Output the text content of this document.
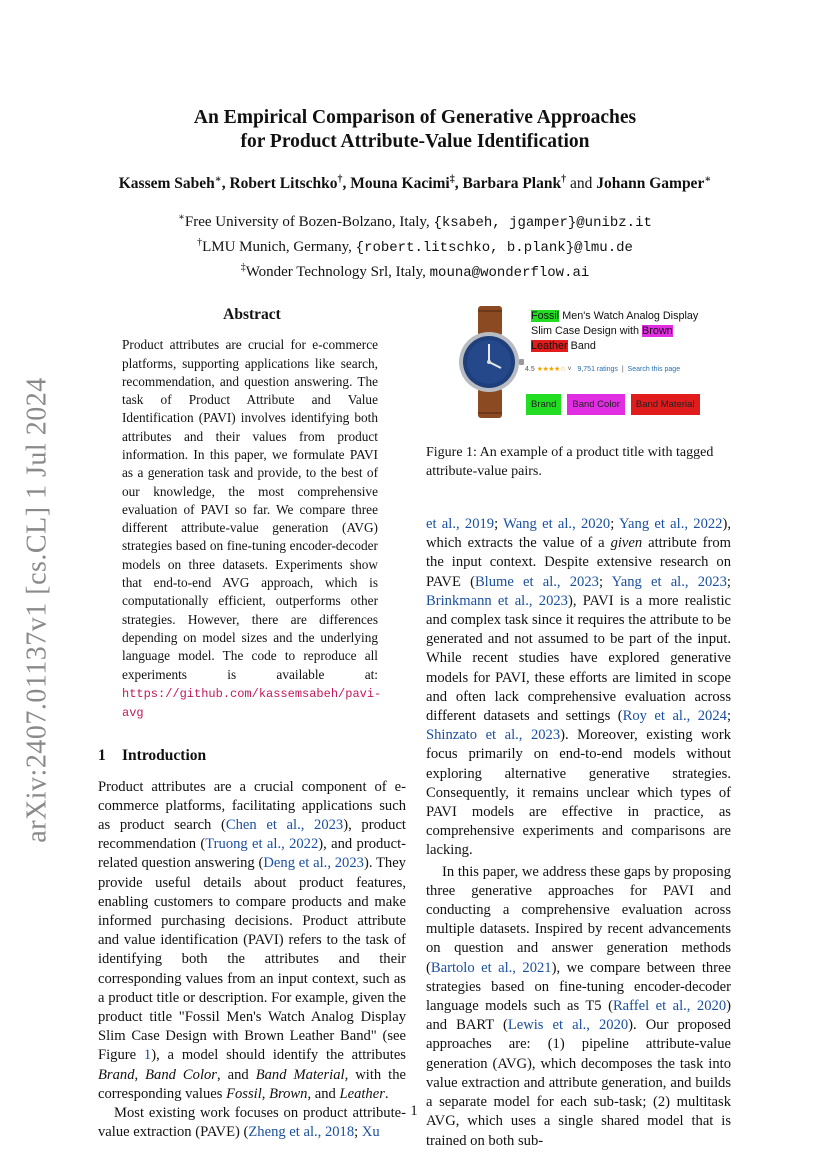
arXiv:2407.01137v1 [cs.CL] 1 Jul 2024
An Empirical Comparison of Generative Approaches
for Product Attribute-Value Identification
Kassem Sabeh∗, Robert Litschko†, Mouna Kacimi‡, Barbara Plank† and Johann Gamper∗
∗Free University of Bozen-Bolzano, Italy, {ksabeh, jgamper}@unibz.it
†LMU Munich, Germany, {robert.litschko, b.plank}@lmu.de
‡Wonder Technology Srl, Italy, mouna@wonderflow.ai
Abstract

Product attributes are crucial for e-commerce platforms, supporting applications like search, recommendation, and question answering. The task of Product Attribute and Value Identification (PAVI) involves identifying both attributes and their values from product information. In this paper, we formulate PAVI as a generation task and provide, to the best of our knowledge, the most comprehensive evaluation of PAVI so far. We compare three different attribute-value generation (AVG) strategies based on fine-tuning encoder-decoder models on three datasets. Experiments show that end-to-end AVG approach, which is computationally efficient, outperforms other strategies. However, there are differences depending on model sizes and the underlying language model. The code to reproduce all experiments is available at: https://github.com/kassemsabeh/pavi-avg

1 Introduction

Product attributes are a crucial component of e-commerce platforms, facilitating applications such as product search (Chen et al., 2023), product recommendation (Truong et al., 2022), and product-related question answering (Deng et al., 2023). They provide useful details about product features, enabling customers to compare products and make informed purchasing decisions. Product attribute and value identification (PAVI) refers to the task of identifying both the attributes and their corresponding values from an input context, such as a product title or description. For example, given the product title "Fossil Men's Watch Analog Display Slim Case Design with Brown Leather Band" (see Figure 1), a model should identify the attributes Brand, Band Color, and Band Material, with the corresponding values Fossil, Brown, and Leather.

Most existing work focuses on product attribute-value extraction (PAVE) (Zheng et al., 2018; Xu

Fossil Men's Watch Analog Display Slim Case Design with Brown Leather Band
4.5 ★★★★☆ ˅   9,751 ratings  |  Search this page
Brand	Band Color	Band Material

Figure 1: An example of a product title with tagged attribute-value pairs.

et al., 2019; Wang et al., 2020; Yang et al., 2022), which extracts the value of a given attribute from the input context. Despite extensive research on PAVE (Blume et al., 2023; Yang et al., 2023; Brinkmann et al., 2023), PAVI is a more realistic and complex task since it requires the attribute to be generated and not assumed to be part of the input. While recent studies have explored generative models for PAVI, these efforts are limited in scope and often lack comprehensive evaluation across different datasets and settings (Roy et al., 2024; Shinzato et al., 2023). Moreover, existing work focus primarily on end-to-end models without exploring alternative generative strategies. Consequently, it remains unclear which types of PAVI models are effective in practice, as comprehensive experiments and comparisons are lacking.

In this paper, we address these gaps by proposing three generative approaches for PAVI and conducting a comprehensive evaluation across multiple datasets. Inspired by recent advancements on question and answer generation methods (Bartolo et al., 2021), we compare between three strategies based on fine-tuning encoder-decoder language models such as T5 (Raffel et al., 2020) and BART (Lewis et al., 2020). Our proposed approaches are: (1) pipeline attribute-value generation (AVG), which decomposes the task into value extraction and attribute generation, and builds a separate model for each sub-task; (2) multitask AVG, which uses a single shared model that is trained on both sub-

1
